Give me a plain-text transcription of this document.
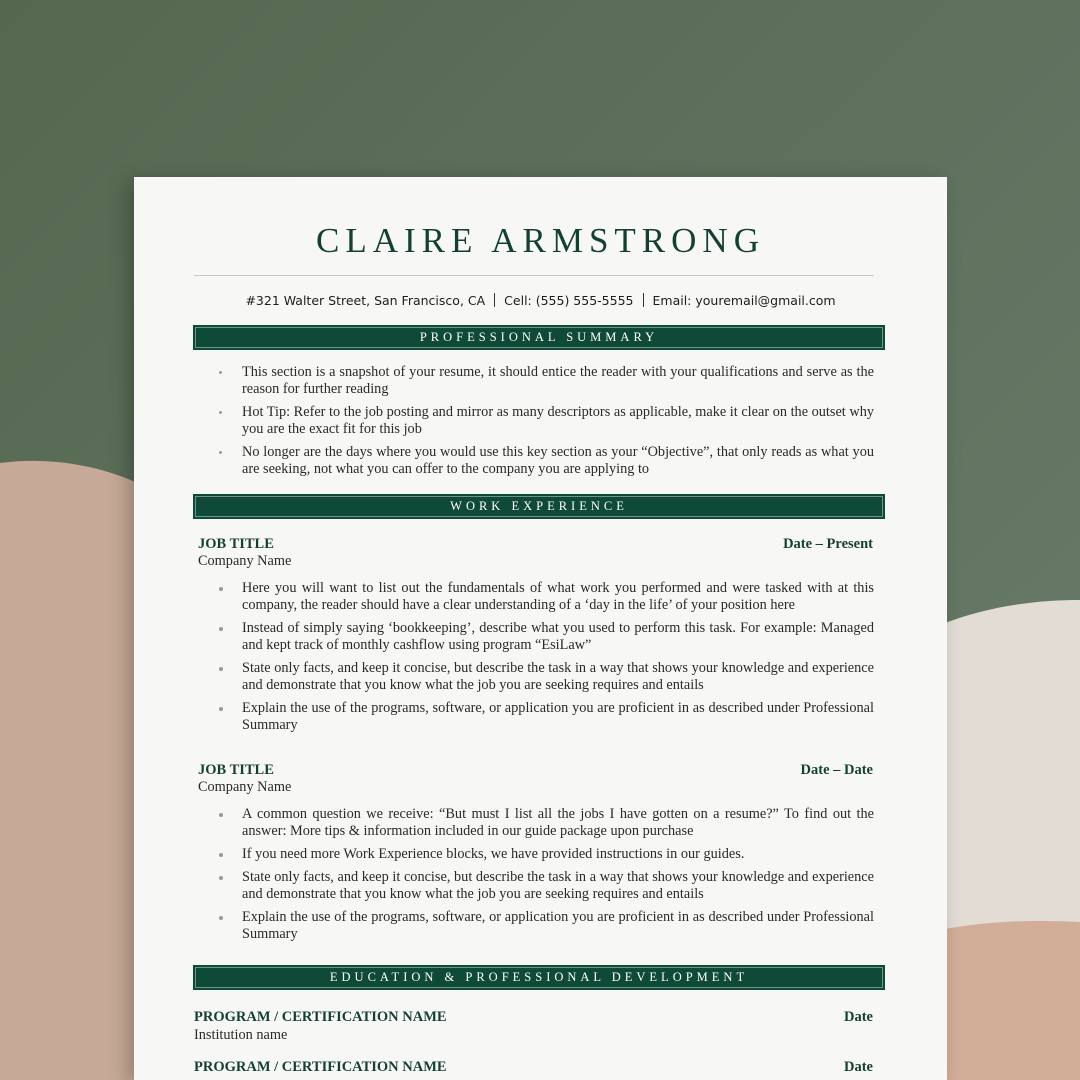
CLAIRE ARMSTRONG
#321 Walter Street, San Francisco, CA Cell: (555) 555-5555 Email: youremail@gmail.com
PROFESSIONAL SUMMARY
This section is a snapshot of your resume, it should entice the reader with your qualifications and serve as the reason for further reading
Hot Tip: Refer to the job posting and mirror as many descriptors as applicable, make it clear on the outset why you are the exact fit for this job
No longer are the days where you would use this key section as your “Objective”, that only reads as what you are seeking, not what you can offer to the company you are applying to
WORK EXPERIENCE
JOB TITLE	Date – Present
Company Name
Here you will want to list out the fundamentals of what work you performed and were tasked with at this company, the reader should have a clear understanding of a ‘day in the life’ of your position here
Instead of simply saying ‘bookkeeping’, describe what you used to perform this task. For example: Managed and kept track of monthly cashflow using program “EsiLaw”
State only facts, and keep it concise, but describe the task in a way that shows your knowledge and experience and demonstrate that you know what the job you are seeking requires and entails
Explain the use of the programs, software, or application you are proficient in as described under Professional Summary
JOB TITLE	Date – Date
Company Name
A common question we receive: “But must I list all the jobs I have gotten on a resume?” To find out the answer: More tips & information included in our guide package upon purchase
If you need more Work Experience blocks, we have provided instructions in our guides.
State only facts, and keep it concise, but describe the task in a way that shows your knowledge and experience and demonstrate that you know what the job you are seeking requires and entails
Explain the use of the programs, software, or application you are proficient in as described under Professional Summary
EDUCATION & PROFESSIONAL DEVELOPMENT
PROGRAM / CERTIFICATION NAME	Date
Institution name
PROGRAM / CERTIFICATION NAME	Date
